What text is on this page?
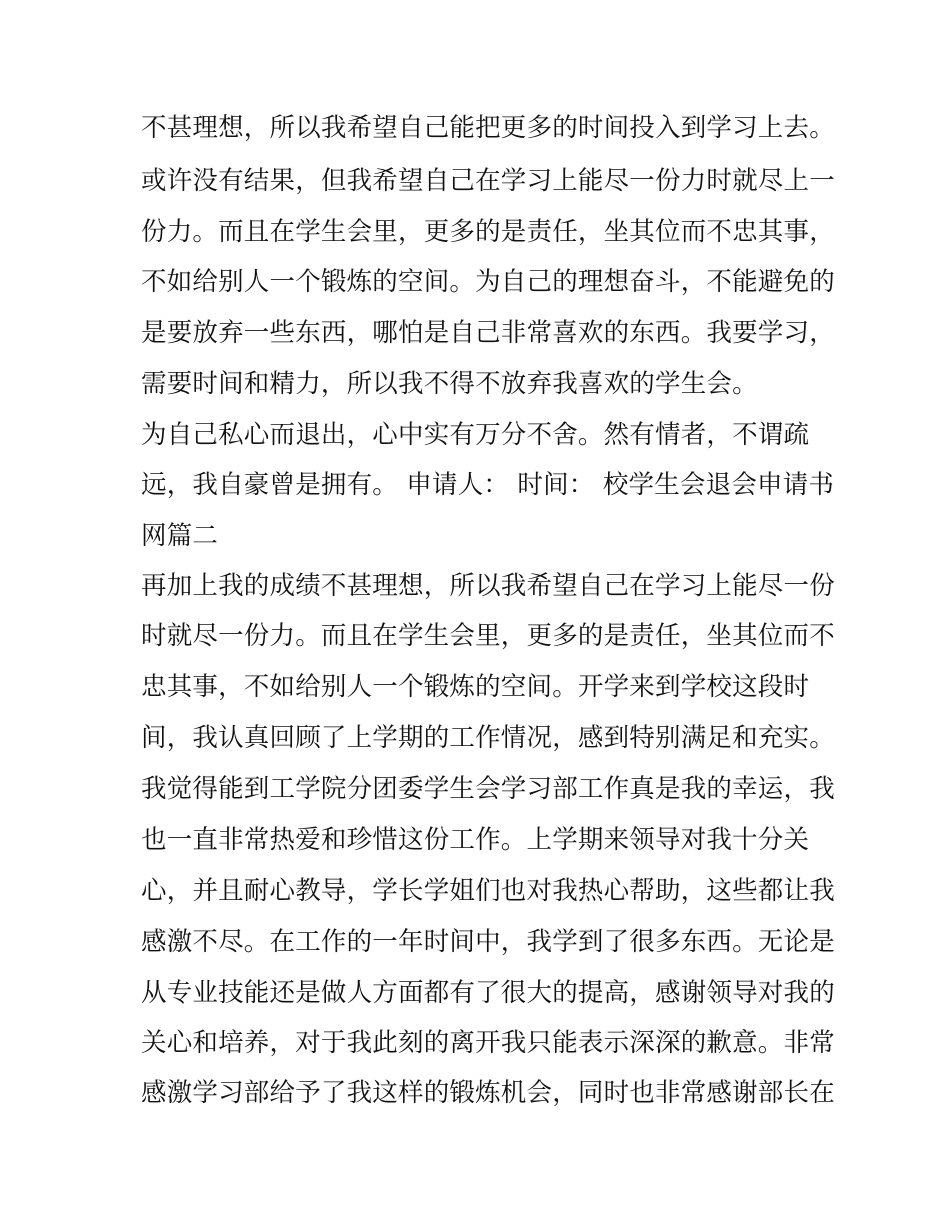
不甚理想，所以我希望自己能把更多的时间投入到学习上去。
或许没有结果，但我希望自己在学习上能尽一份力时就尽上一
份力。而且在学生会里，更多的是责任，坐其位而不忠其事，
不如给别人一个锻炼的空间。为自己的理想奋斗，不能避免的
是要放弃一些东西，哪怕是自己非常喜欢的东西。我要学习，
需要时间和精力，所以我不得不放弃我喜欢的学生会。
为自己私心而退出，心中实有万分不舍。然有情者，不谓疏
远，我自豪曾是拥有。 申请人： 时间： 校学生会退会申请书
网篇二
再加上我的成绩不甚理想，所以我希望自己在学习上能尽一份
时就尽一份力。而且在学生会里，更多的是责任，坐其位而不
忠其事，不如给别人一个锻炼的空间。开学来到学校这段时
间，我认真回顾了上学期的工作情况，感到特别满足和充实。
我觉得能到工学院分团委学生会学习部工作真是我的幸运，我
也一直非常热爱和珍惜这份工作。上学期来领导对我十分关
心，并且耐心教导，学长学姐们也对我热心帮助，这些都让我
感激不尽。在工作的一年时间中，我学到了很多东西。无论是
从专业技能还是做人方面都有了很大的提高，感谢领导对我的
关心和培养，对于我此刻的离开我只能表示深深的歉意。非常
感激学习部给予了我这样的锻炼机会，同时也非常感谢部长在
